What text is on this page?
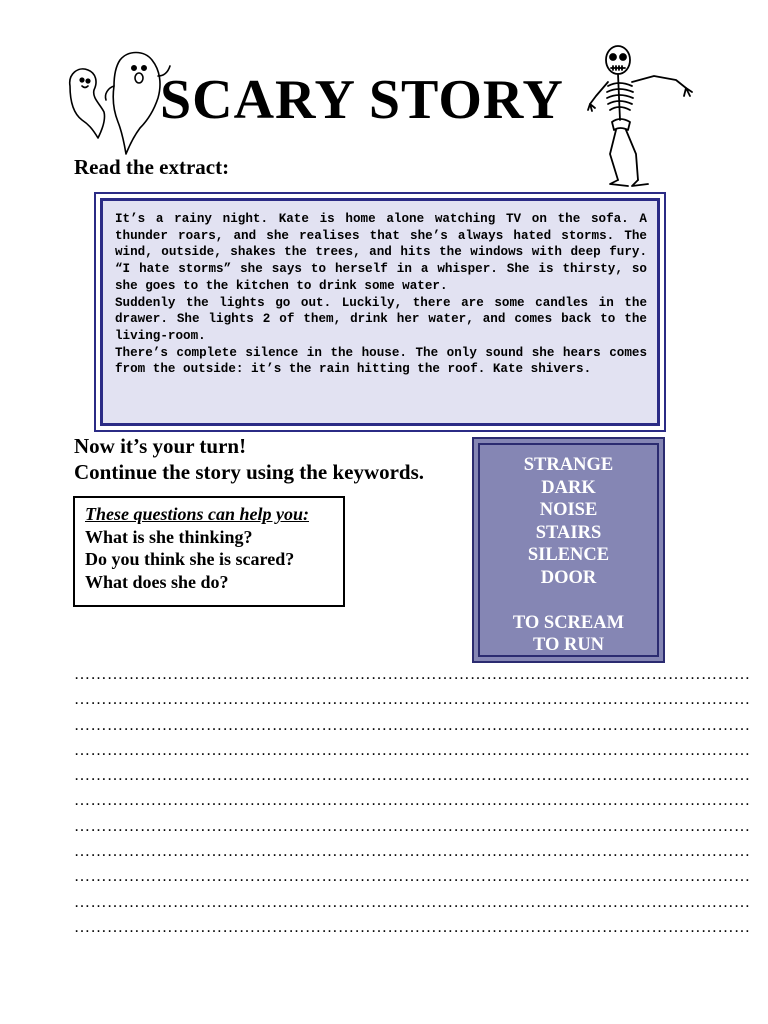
SCARY STORY
Read the extract:

It’s a rainy night. Kate is home alone watching TV on the sofa. A thunder roars, and she realises that she’s always hated storms. The wind, outside, shakes the trees, and hits the windows with deep fury. “I hate storms” she says to herself in a whisper. She is thirsty, so she goes to the kitchen to drink some water.

Suddenly the lights go out. Luckily, there are some candles in the drawer. She lights 2 of them, drink her water, and comes back to the living-room.

There’s complete silence in the house. The only sound she hears comes from the outside: it’s the rain hitting the roof. Kate shivers.

Now it’s your turn!
Continue the story using the keywords.
These questions can help you:
What is she thinking?
Do you think she is scared?
What does she do?
STRANGE
DARK
NOISE
STAIRS
SILENCE
DOOR

TO SCREAM
TO RUN
……………………………………………………………………………………………………………
……………………………………………………………………………………………………………
……………………………………………………………………………………………………………
……………………………………………………………………………………………………………
……………………………………………………………………………………………………………
……………………………………………………………………………………………………………
……………………………………………………………………………………………………………
……………………………………………………………………………………………………………
……………………………………………………………………………………………………………
……………………………………………………………………………………………………………
……………………………………………………………………………………………………………
